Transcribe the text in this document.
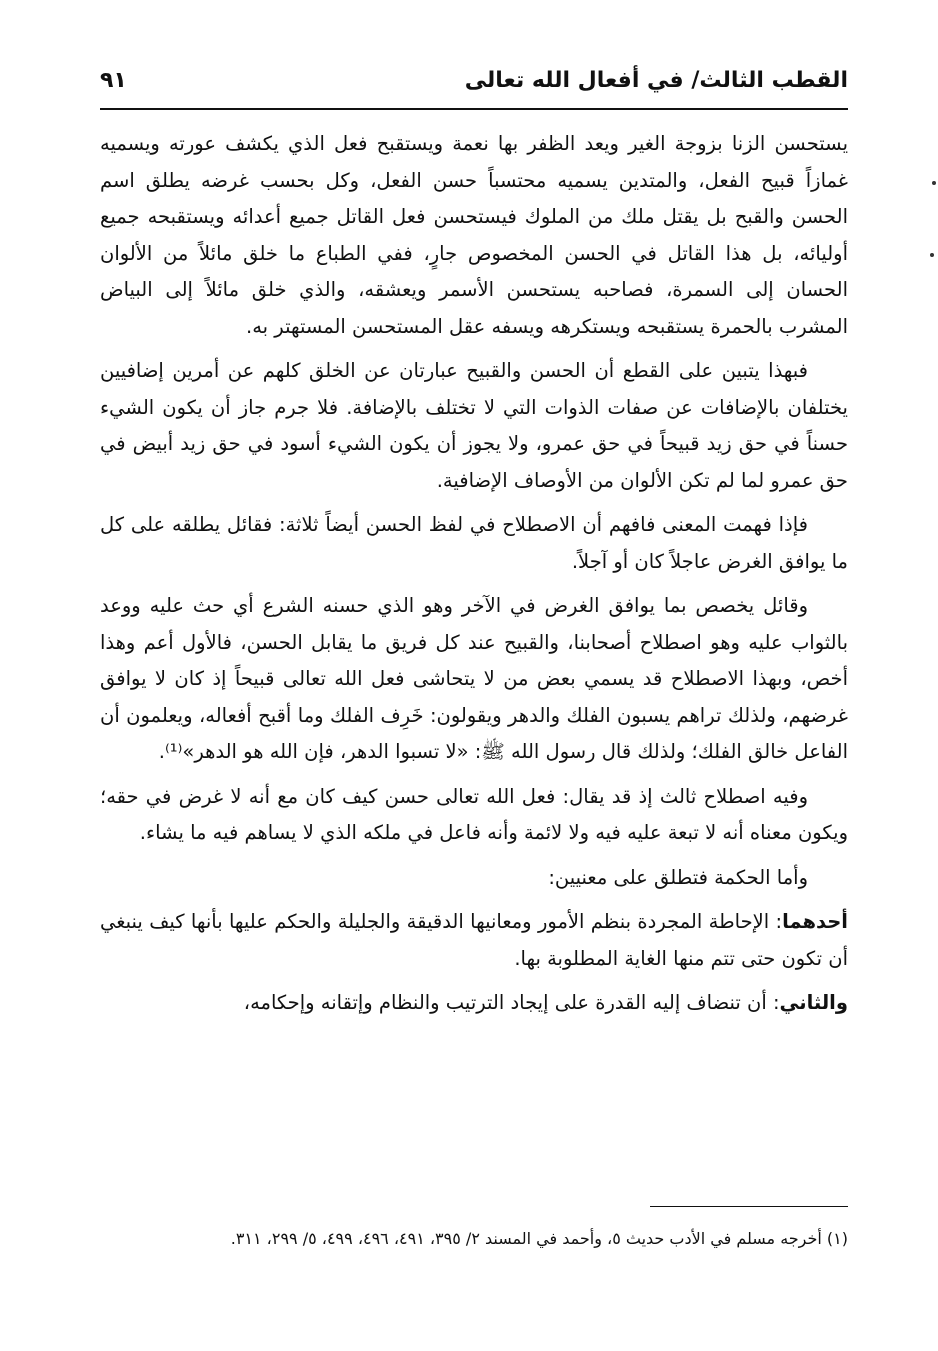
القطب الثالث/ في أفعال الله تعالى
٩١

يستحسن الزنا بزوجة الغير ويعد الظفر بها نعمة ويستقبح فعل الذي يكشف عورته ويسميه غمازاً قبيح الفعل، والمتدين يسميه محتسباً حسن الفعل، وكل بحسب غرضه يطلق اسم الحسن والقبح بل يقتل ملك من الملوك فيستحسن فعل القاتل جميع أعدائه ويستقبحه جميع أوليائه، بل هذا القاتل في الحسن المخصوص جارٍ، ففي الطباع ما خلق مائلاً من الألوان الحسان إلى السمرة، فصاحبه يستحسن الأسمر ويعشقه، والذي خلق مائلاً إلى البياض المشرب بالحمرة يستقبحه ويستكرهه ويسفه عقل المستحسن المستهتر به.

فبهذا يتبين على القطع أن الحسن والقبيح عبارتان عن الخلق كلهم عن أمرين إضافيين يختلفان بالإضافات عن صفات الذوات التي لا تختلف بالإضافة. فلا جرم جاز أن يكون الشيء حسناً في حق زيد قبيحاً في حق عمرو، ولا يجوز أن يكون الشيء أسود في حق زيد أبيض في حق عمرو لما لم تكن الألوان من الأوصاف الإضافية.

فإذا فهمت المعنى فافهم أن الاصطلاح في لفظ الحسن أيضاً ثلاثة: فقائل يطلقه على كل ما يوافق الغرض عاجلاً كان أو آجلاً.

وقائل يخصص بما يوافق الغرض في الآخر وهو الذي حسنه الشرع أي حث عليه ووعد بالثواب عليه وهو اصطلاح أصحابنا، والقبيح عند كل فريق ما يقابل الحسن، فالأول أعم وهذا أخص، وبهذا الاصطلاح قد يسمي بعض من لا يتحاشى فعل الله تعالى قبيحاً إذ كان لا يوافق غرضهم، ولذلك تراهم يسبون الفلك والدهر ويقولون: خَرِف الفلك وما أقبح أفعاله، ويعلمون أن الفاعل خالق الفلك؛ ولذلك قال رسول الله ﷺ: «لا تسبوا الدهر، فإن الله هو الدهر»⁽¹⁾.

وفيه اصطلاح ثالث إذ قد يقال: فعل الله تعالى حسن كيف كان مع أنه لا غرض في حقه؛ ويكون معناه أنه لا تبعة عليه فيه ولا لائمة وأنه فاعل في ملكه الذي لا يساهم فيه ما يشاء.

وأما الحكمة فتطلق على معنيين:

أحدهما: الإحاطة المجردة بنظم الأمور ومعانيها الدقيقة والجليلة والحكم عليها بأنها كيف ينبغي أن تكون حتى تتم منها الغاية المطلوبة بها.

والثاني: أن تنضاف إليه القدرة على إيجاد الترتيب والنظام وإتقانه وإحكامه،

(١) أخرجه مسلم في الأدب حديث ٥، وأحمد في المسند ٢/ ٣٩٥، ٤٩١، ٤٩٦، ٤٩٩، ٥/ ٢٩٩، ٣١١.
